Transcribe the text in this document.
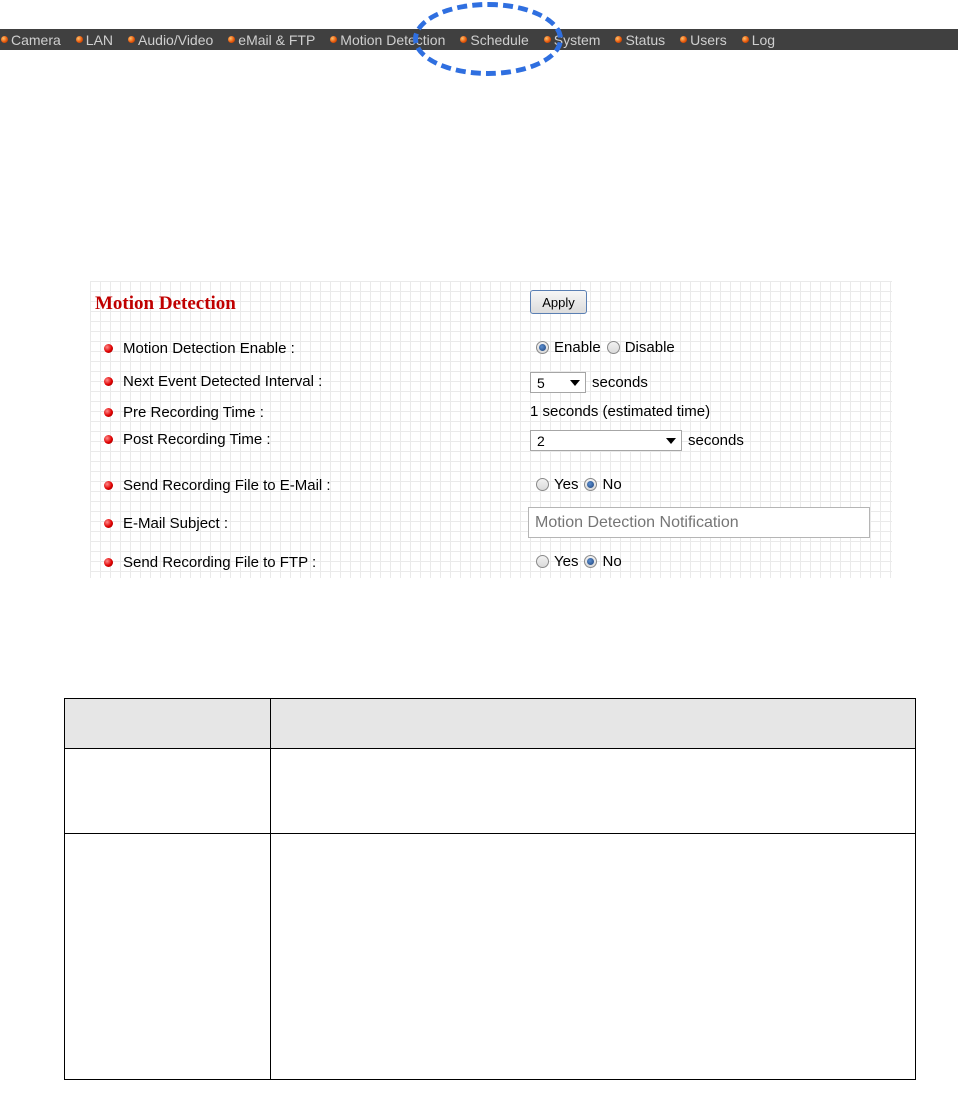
Camera LAN Audio/Video eMail & FTP Motion Detection Schedule System Status Users Log
Motion Detection	Apply
Motion Detection Enable :	Enable Disable
Next Event Detected Interval :	5	seconds
Pre Recording Time :	1 seconds (estimated time)
Post Recording Time :	2	seconds
Send Recording File to E-Mail :	Yes No
E-Mail Subject :
Motion Detection Notification
Send Recording File to FTP :	Yes No
